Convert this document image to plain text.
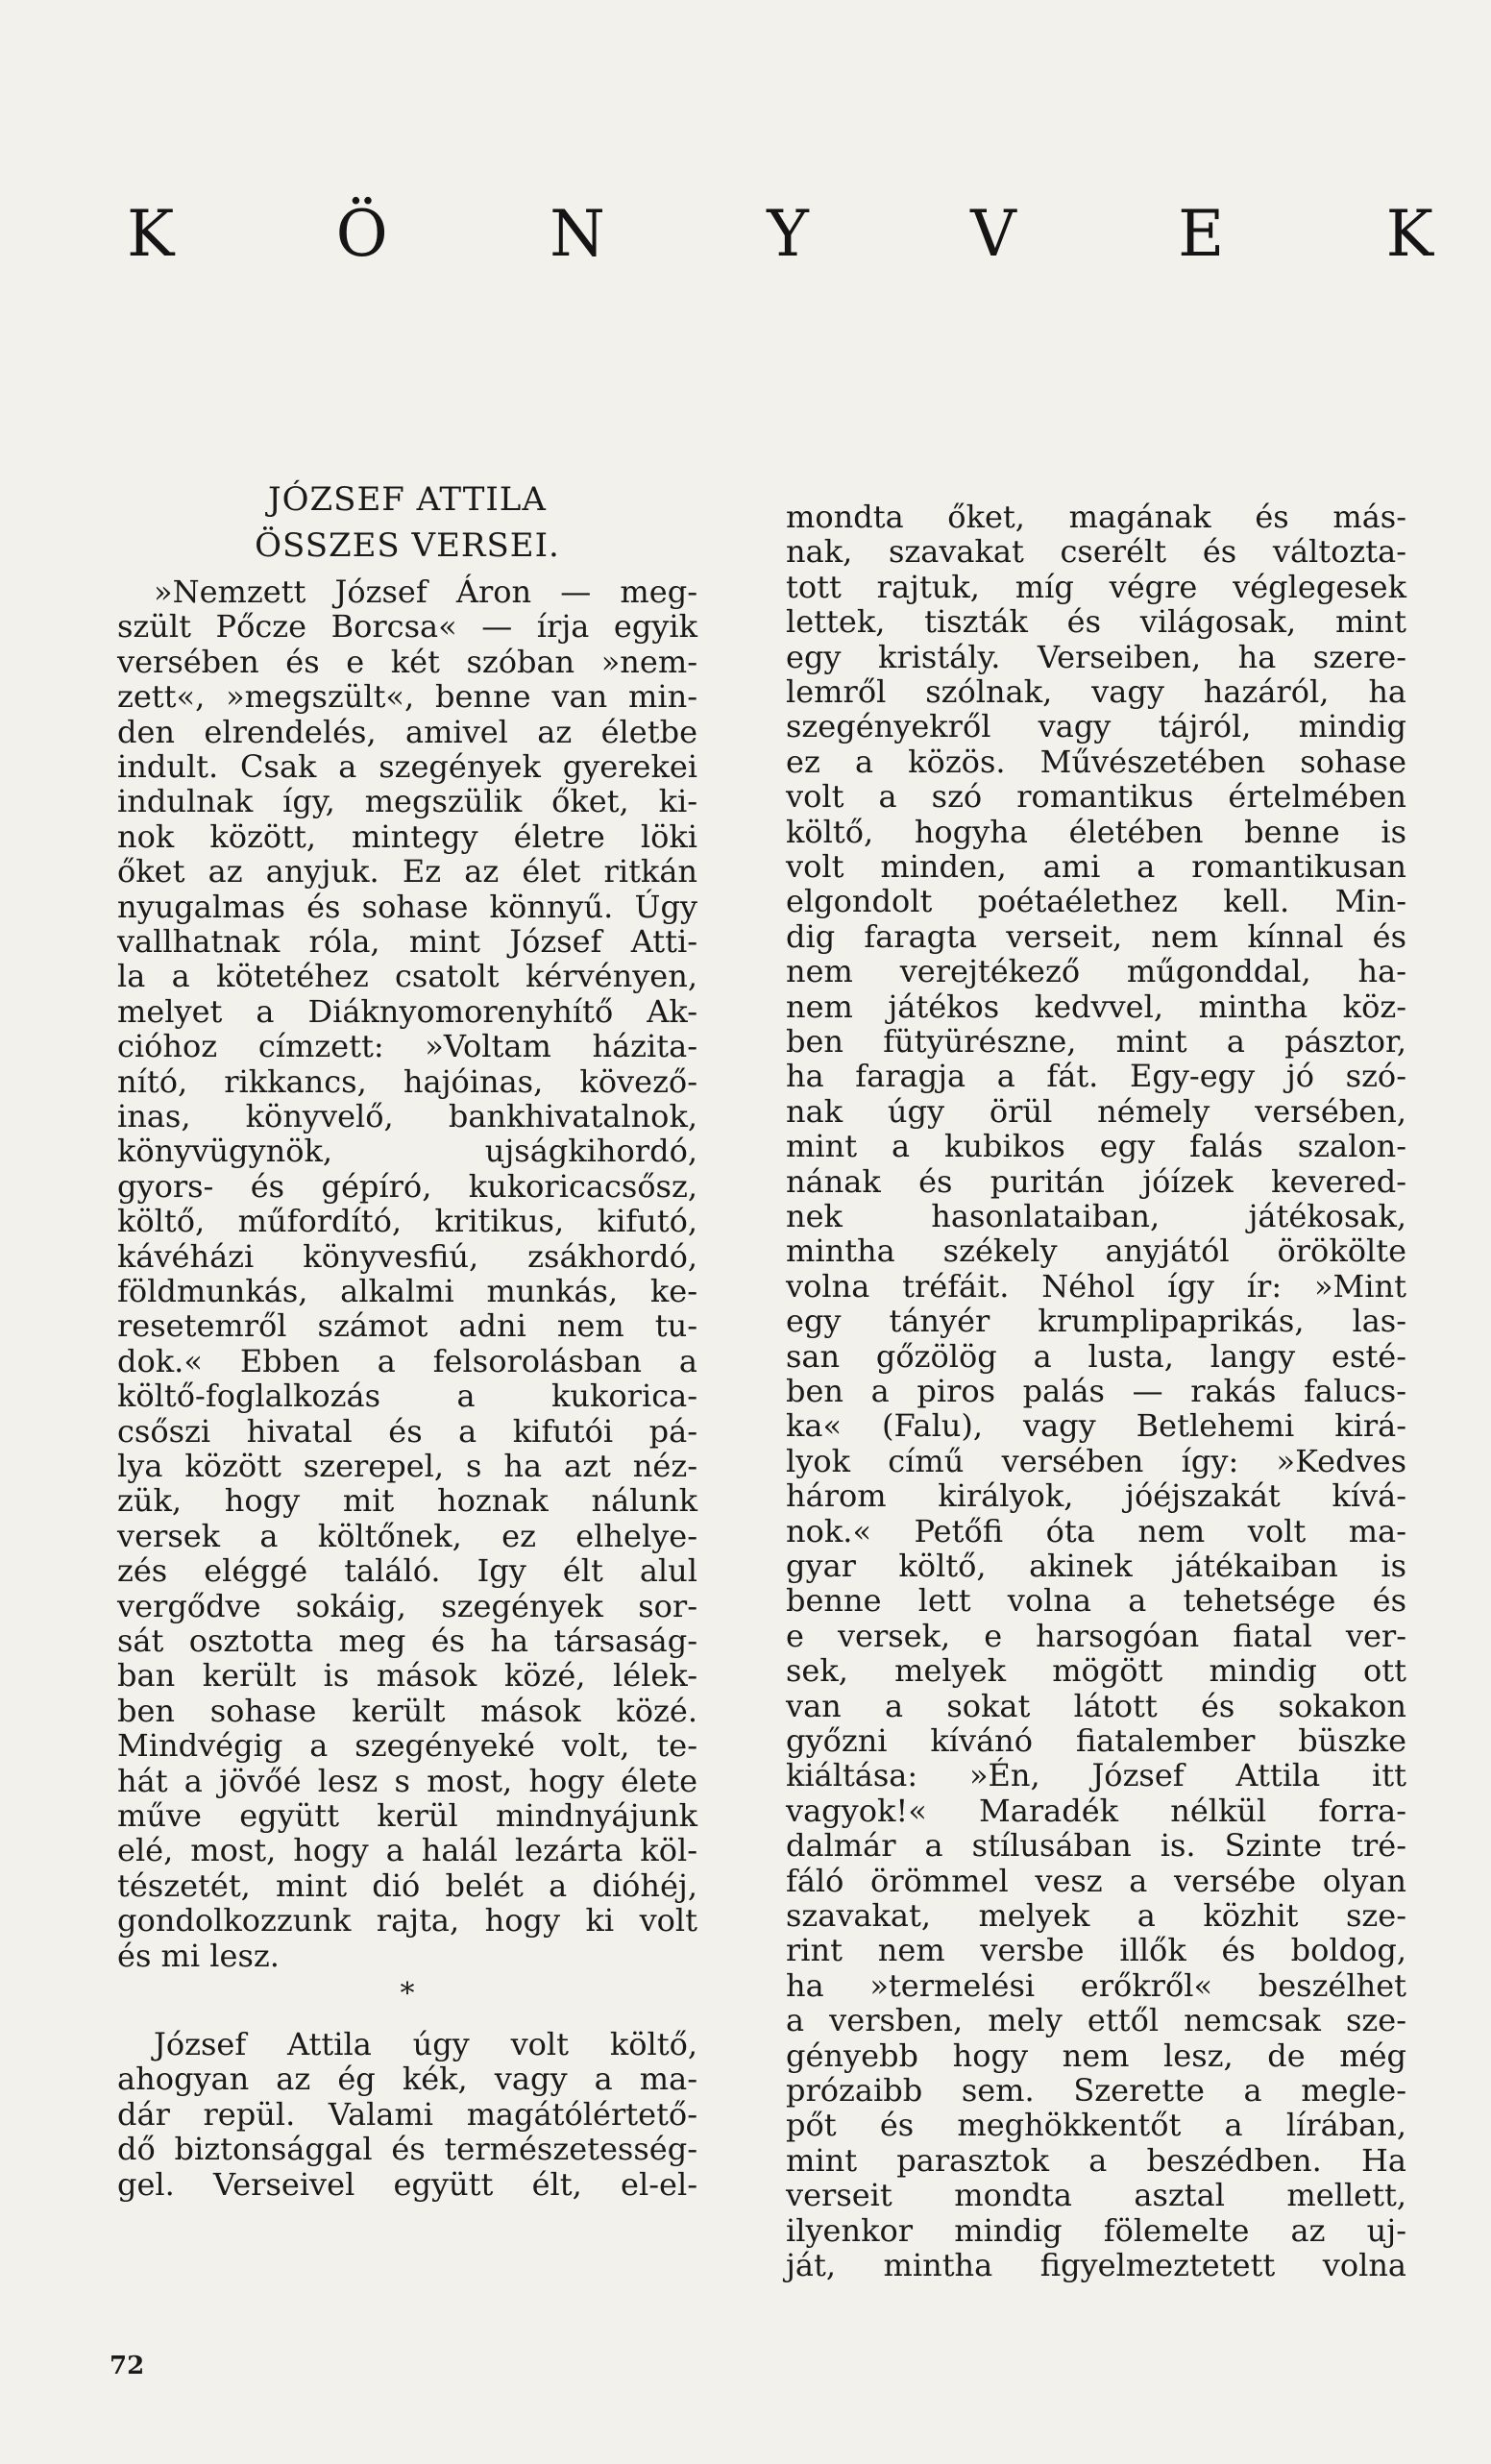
K	Ö	N	Y	V	E	K
JÓZSEF ATTILA
ÖSSZES VERSEI.
»Nemzett József Áron — meg-
szült Pőcze Borcsa« — írja egyik
versében és e két szóban »nem-
zett«, »megszült«, benne van min-
den elrendelés, amivel az életbe
indult. Csak a szegények gyerekei
indulnak így, megszülik őket, ki-
nok között, mintegy életre löki
őket az anyjuk. Ez az élet ritkán
nyugalmas és sohase könnyű. Úgy
vallhatnak róla, mint József Atti-
la a kötetéhez csatolt kérvényen,
melyet a Diáknyomorenyhítő Ak-
cióhoz címzett: »Voltam házita-
nító, rikkancs, hajóinas, kövező-
inas, könyvelő, bankhivatalnok,
könyvügynök, ujságkihordó,
gyors- és gépíró, kukoricacsősz,
költő, műfordító, kritikus, kifutó,
kávéházi könyvesfiú, zsákhordó,
földmunkás, alkalmi munkás, ke-
resetemről számot adni nem tu-
dok.« Ebben a felsorolásban a
költő-foglalkozás a kukorica-
csőszi hivatal és a kifutói pá-
lya között szerepel, s ha azt néz-
zük, hogy mit hoznak nálunk
versek a költőnek, ez elhelye-
zés eléggé találó. Igy élt alul
vergődve sokáig, szegények sor-
sát osztotta meg és ha társaság-
ban került is mások közé, lélek-
ben sohase került mások közé.
Mindvégig a szegényeké volt, te-
hát a jövőé lesz s most, hogy élete
műve együtt kerül mindnyájunk
elé, most, hogy a halál lezárta köl-
tészetét, mint dió belét a dióhéj,
gondolkozzunk rajta, hogy ki volt
és mi lesz.
*
József Attila úgy volt költő,
ahogyan az ég kék, vagy a ma-
dár repül. Valami magátólértető-
dő biztonsággal és természetesség-
gel. Verseivel együtt élt, el-el-
mondta őket, magának és más-
nak, szavakat cserélt és változta-
tott rajtuk, míg végre véglegesek
lettek, tiszták és világosak, mint
egy kristály. Verseiben, ha szere-
lemről szólnak, vagy hazáról, ha
szegényekről vagy tájról, mindig
ez a közös. Művészetében sohase
volt a szó romantikus értelmében
költő, hogyha életében benne is
volt minden, ami a romantikusan
elgondolt poétaélethez kell. Min-
dig faragta verseit, nem kínnal és
nem verejtékező műgonddal, ha-
nem játékos kedvvel, mintha köz-
ben fütyürészne, mint a pásztor,
ha faragja a fát. Egy-egy jó szó-
nak úgy örül némely versében,
mint a kubikos egy falás szalon-
nának és puritán jóízek kevered-
nek hasonlataiban, játékosak,
mintha székely anyjától örökölte
volna tréfáit. Néhol így ír: »Mint
egy tányér krumplipaprikás, las-
san gőzölög a lusta, langy esté-
ben a piros palás — rakás falucs-
ka« (Falu), vagy Betlehemi kirá-
lyok című versében így: »Kedves
három királyok, jóéjszakát kívá-
nok.« Petőfi óta nem volt ma-
gyar költő, akinek játékaiban is
benne lett volna a tehetsége és
e versek, e harsogóan fiatal ver-
sek, melyek mögött mindig ott
van a sokat látott és sokakon
győzni kívánó fiatalember büszke
kiáltása: »Én, József Attila itt
vagyok!« Maradék nélkül forra-
dalmár a stílusában is. Szinte tré-
fáló örömmel vesz a versébe olyan
szavakat, melyek a közhit sze-
rint nem versbe illők és boldog,
ha »termelési erőkről« beszélhet
a versben, mely ettől nemcsak sze-
gényebb hogy nem lesz, de még
prózaibb sem. Szerette a megle-
pőt és meghökkentőt a lírában,
mint parasztok a beszédben. Ha
verseit mondta asztal mellett,
ilyenkor mindig fölemelte az uj-
ját, mintha figyelmeztetett volna
72
